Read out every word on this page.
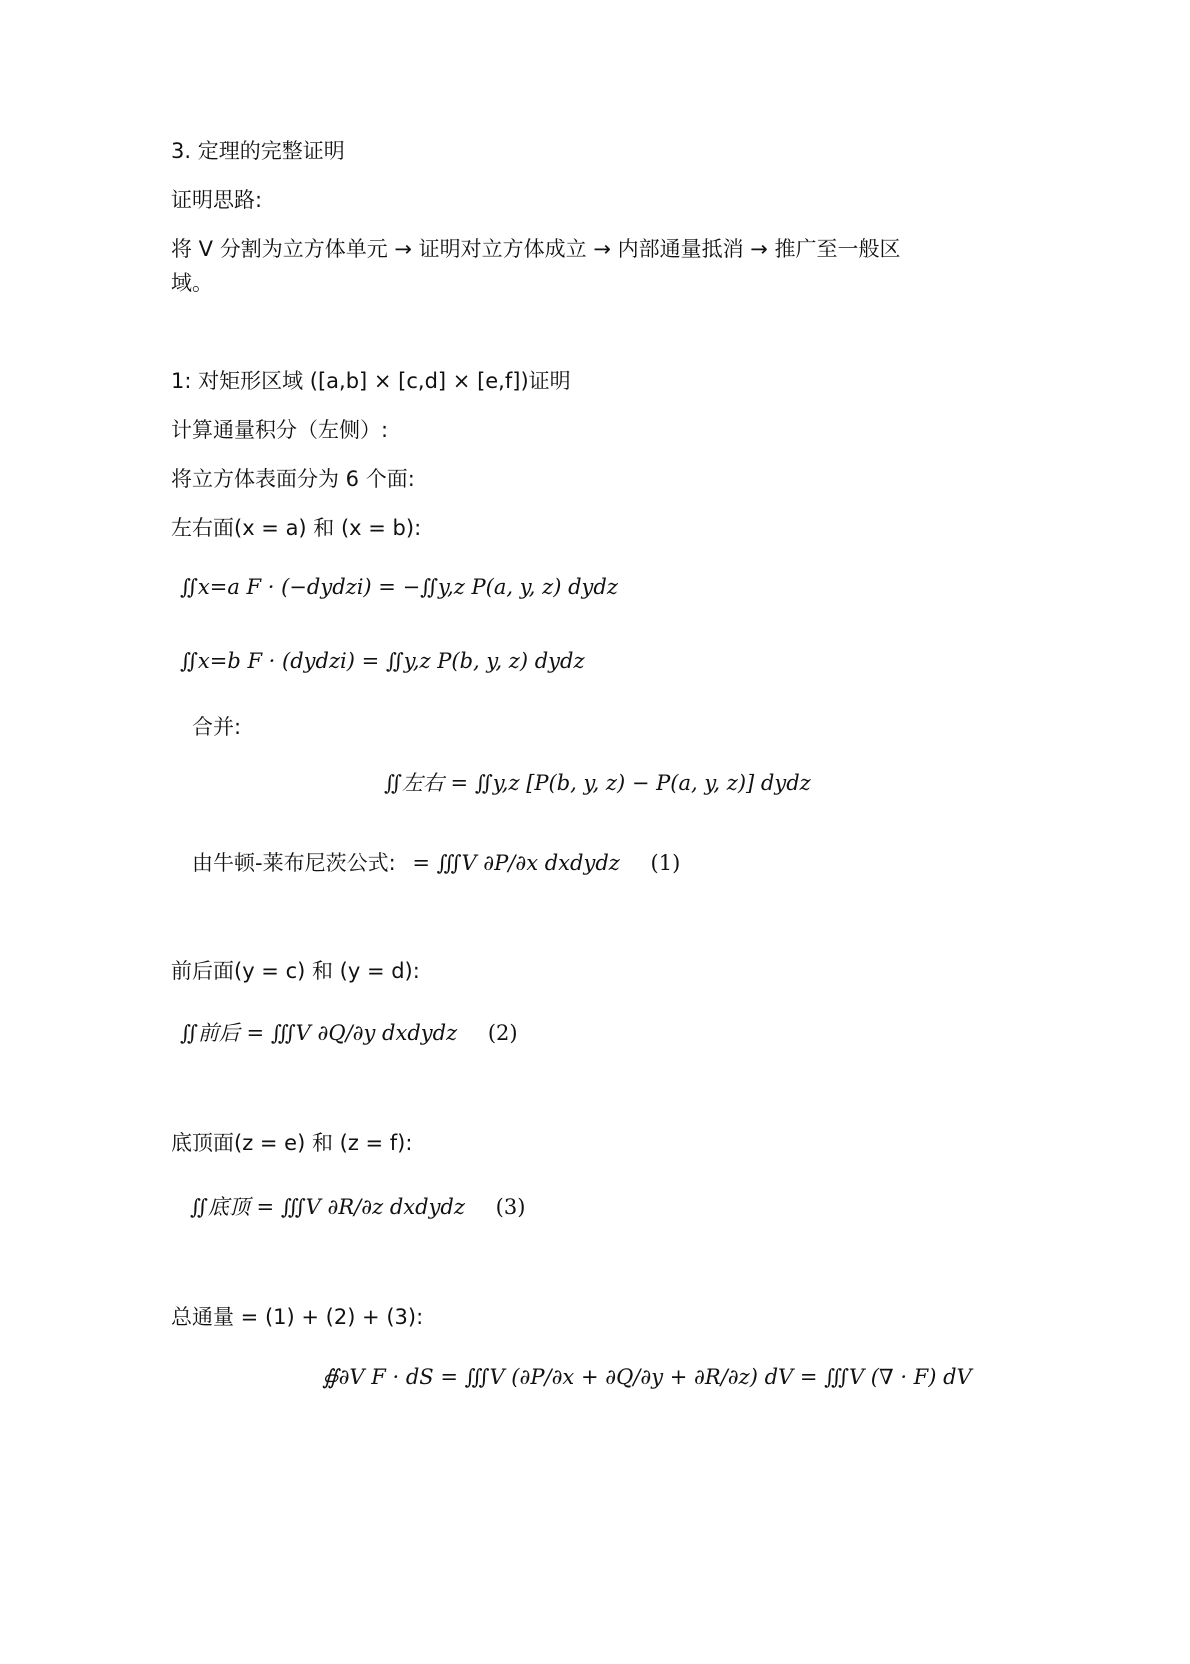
3. 定理的完整证明
证明思路:
将 V 分割为立方体单元 → 证明对立方体成立 → 内部通量抵消 → 推广至一般区
域。
1: 对矩形区域 ([a,b] × [c,d] × [e,f])证明
计算通量积分（左侧）:
将立方体表面分为 6 个面:
左右面(x = a) 和 (x = b):
∬x=a F · (−dydzi) = −∬y,z P(a, y, z) dydz
∬x=b F · (dydzi) = ∬y,z P(b, y, z) dydz
合并:
∬左右 = ∬y,z [P(b, y, z) − P(a, y, z)] dydz
由牛顿-莱布尼茨公式: = ∭V ∂P/∂x dxdydz (1)
前后面(y = c) 和 (y = d):
∬前后 = ∭V ∂Q/∂y dxdydz (2)
底顶面(z = e) 和 (z = f):
∬底顶 = ∭V ∂R/∂z dxdydz (3)
总通量 = (1) + (2) + (3):
∯∂V F · dS = ∭V (∂P/∂x + ∂Q/∂y + ∂R/∂z) dV = ∭V (∇ · F) dV
